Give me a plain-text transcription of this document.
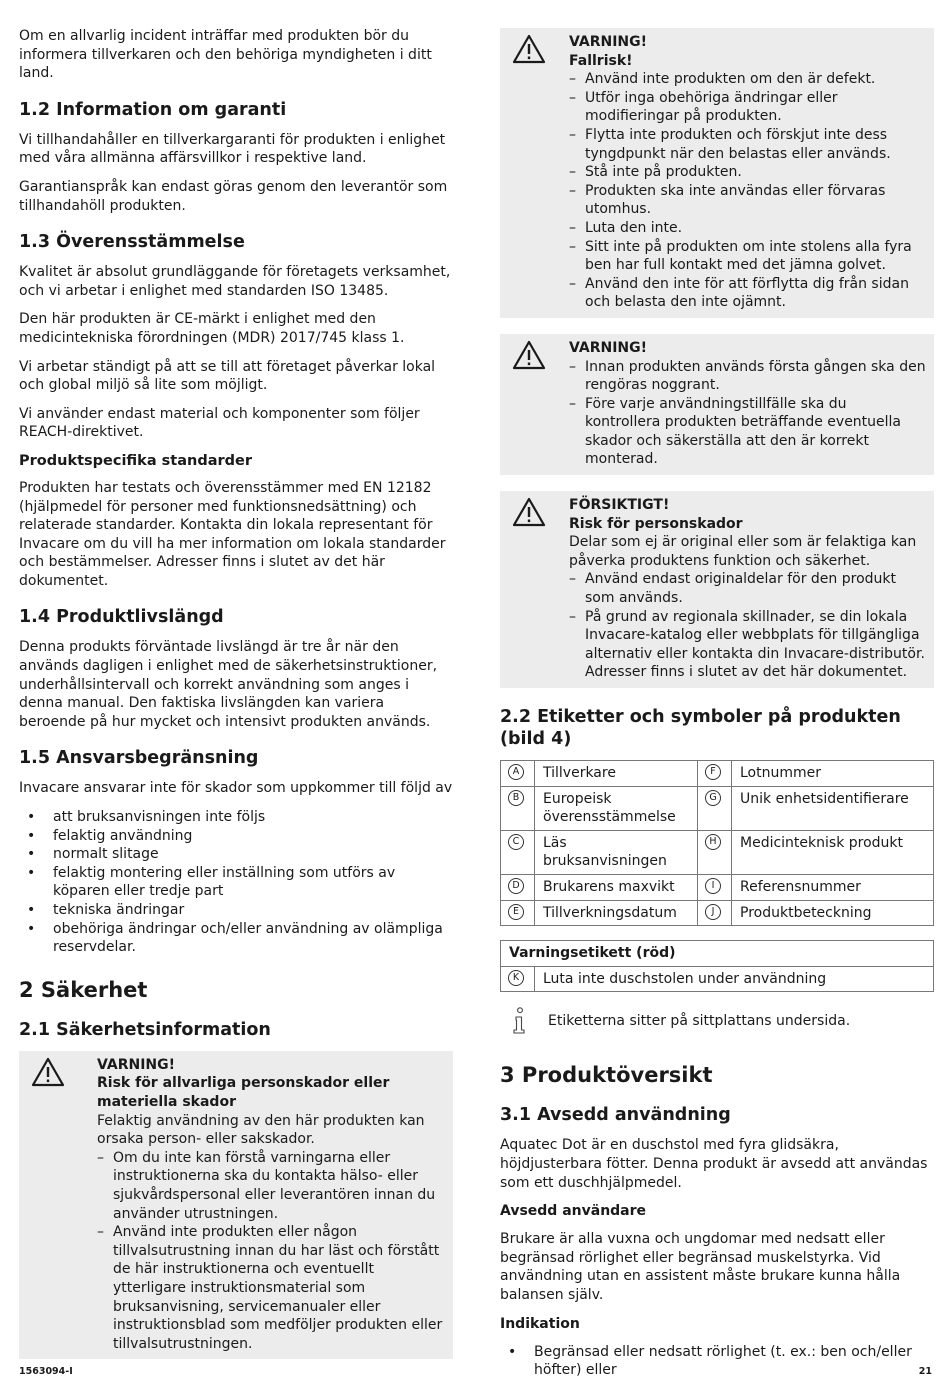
Om en allvarlig incident inträffar med produkten bör du informera tillverkaren och den behöriga myndigheten i ditt land.

1.2 Information om garanti

Vi tillhandahåller en tillverkargaranti för produkten i enlighet med våra allmänna affärsvillkor i respektive land.

Garantianspråk kan endast göras genom den leverantör som tillhandahöll produkten.

1.3 Överensstämmelse

Kvalitet är absolut grundläggande för företagets verksamhet, och vi arbetar i enlighet med standarden ISO 13485.

Den här produkten är CE-märkt i enlighet med den medicintekniska förordningen (MDR) 2017/745 klass 1.

Vi arbetar ständigt på att se till att företaget påverkar lokal och global miljö så lite som möjligt.

Vi använder endast material och komponenter som följer REACH-direktivet.

Produktspecifika standarder

Produkten har testats och överensstämmer med EN 12182 (hjälpmedel för personer med funktionsnedsättning) och relaterade standarder. Kontakta din lokala representant för Invacare om du vill ha mer information om lokala standarder och bestämmelser. Adresser finns i slutet av det här dokumentet.

1.4 Produktlivslängd

Denna produkts förväntade livslängd är tre år när den används dagligen i enlighet med de säkerhetsinstruktioner, underhållsintervall och korrekt användning som anges i denna manual. Den faktiska livslängden kan variera beroende på hur mycket och intensivt produkten används.

1.5 Ansvarsbegränsning

Invacare ansvarar inte för skador som uppkommer till följd av

• att bruksanvisningen inte följs
• felaktig användning
• normalt slitage
• felaktig montering eller inställning som utförs av köparen eller tredje part
• tekniska ändringar
• obehöriga ändringar och/eller användning av olämpliga reservdelar.
2 Säkerhet
2.1 Säkerhetsinformation
VARNING!
Risk för allvarliga personskador eller materiella skador
Felaktig användning av den här produkten kan orsaka person- eller sakskador.
– Om du inte kan förstå varningarna eller instruktionerna ska du kontakta hälso- eller sjukvårdspersonal eller leverantören innan du använder utrustningen.
– Använd inte produkten eller någon tillvalsutrustning innan du har läst och förstått de här instruktionerna och eventuellt ytterligare instruktionsmaterial som bruksanvisning, servicemanualer eller instruktionsblad som medföljer produkten eller tillvalsutrustningen.
VARNING!
Fallrisk!
– Använd inte produkten om den är defekt.
– Utför inga obehöriga ändringar eller modifieringar på produkten.
– Flytta inte produkten och förskjut inte dess tyngdpunkt när den belastas eller används.
– Stå inte på produkten.
– Produkten ska inte användas eller förvaras utomhus.
– Luta den inte.
– Sitt inte på produkten om inte stolens alla fyra ben har full kontakt med det jämna golvet.
– Använd den inte för att förflytta dig från sidan och belasta den inte ojämnt.
VARNING!
– Innan produkten används första gången ska den rengöras noggrant.
– Före varje användningstillfälle ska du kontrollera produkten beträffande eventuella skador och säkerställa att den är korrekt monterad.
FÖRSIKTIGT!
Risk för personskador
Delar som ej är original eller som är felaktiga kan påverka produktens funktion och säkerhet.
– Använd endast originaldelar för den produkt som används.
– På grund av regionala skillnader, se din lokala Invacare-katalog eller webbplats för tillgängliga alternativ eller kontakta din Invacare-distributör. Adresser finns i slutet av det här dokumentet.
2.2 Etiketter och symboler på produkten (bild 4)
A	Tillverkare	F	Lotnummer
B	Europeisk överensstämmelse	G	Unik enhetsidentifierare
C	Läs bruksanvisningen	H	Medicinteknisk produkt
D	Brukarens maxvikt	I	Referensnummer
E	Tillverkningsdatum	J	Produktbeteckning
Varningsetikett (röd)
K	Luta inte duschstolen under användning
Etiketterna sitter på sittplattans undersida.
3 Produktöversikt
3.1 Avsedd användning

Aquatec Dot är en duschstol med fyra glidsäkra, höjdjusterbara fötter. Denna produkt är avsedd att användas som ett duschhjälpmedel.

Avsedd användare

Brukare är alla vuxna och ungdomar med nedsatt eller begränsad rörlighet eller begränsad muskelstyrka. Vid användning utan en assistent måste brukare kunna hålla balansen själv.

Indikation
• Begränsad eller nedsatt rörlighet (t. ex.: ben och/eller höfter) eller
1563094-I	21
